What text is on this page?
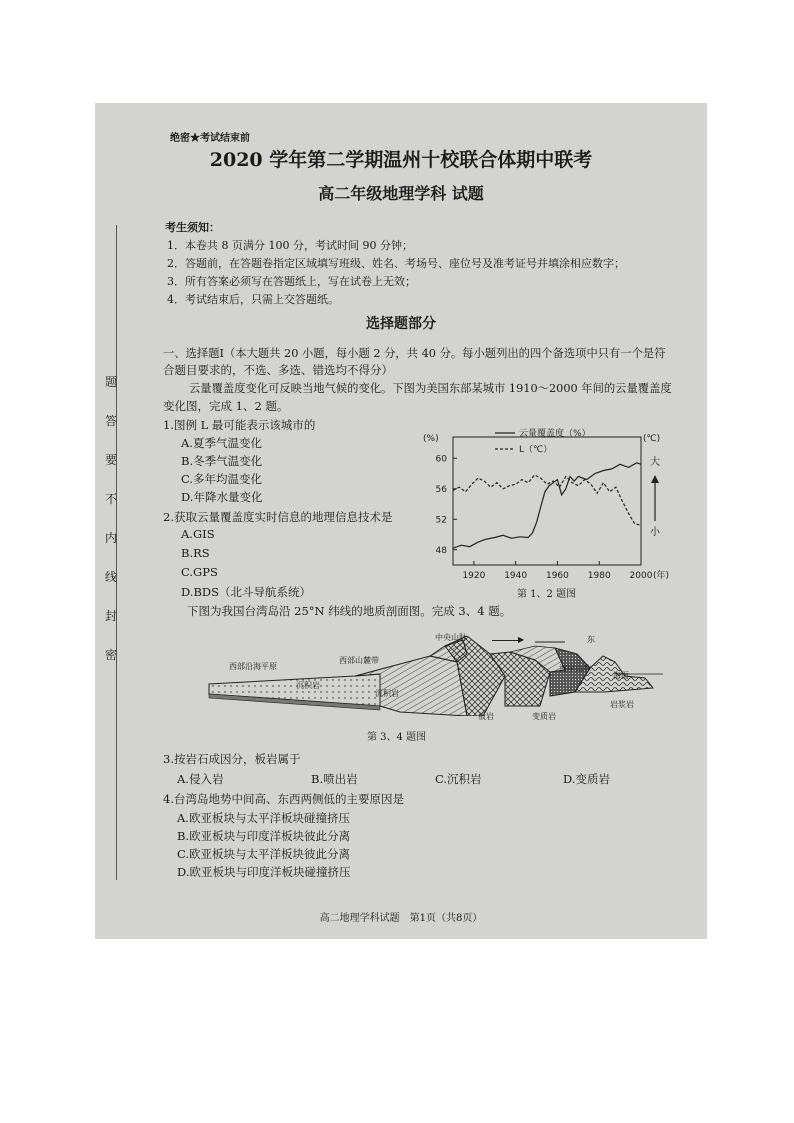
题
答
要
不
内
线
封
密
绝密★考试结束前
2020 学年第二学期温州十校联合体期中联考
高二年级地理学科 试题
考生须知：
1．本卷共 8 页满分 100 分，考试时间 90 分钟；
2．答题前，在答题卷指定区域填写班级、姓名、考场号、座位号及准考证号并填涂相应数字；
3．所有答案必须写在答题纸上，写在试卷上无效；
4．考试结束后，只需上交答题纸。
选择题部分
一、选择题Ⅰ（本大题共 20 小题，每小题 2 分，共 40 分。每小题列出的四个备选项中只有一个是符
合题目要求的，不选、多选、错选均不得分）
云量覆盖度变化可反映当地气候的变化。下图为美国东部某城市 1910～2000 年间的云量覆盖度
变化图，完成 1、2 题。
1.图例 L 最可能表示该城市的
A.夏季气温变化
B.冬季气温变化
C.多年均温变化
D.年降水量变化
2.获取云量覆盖度实时信息的地理信息技术是
A.GIS
B.RS
C.GPS
D.BDS（北斗导航系统）
60
56
52
48
1920 1940 1960 1980 2000
(%)	(℃)
(年)
大
小
云量覆盖度（%）
L（℃）
第 1、2 题图
下图为我国台湾岛沿 25°N 纬线的地质剖面图。完成 3、4 题。
▶	东
中央山脉
西部沿海平原
西部山麓带
沉积岩
沉积岩
板岩	变质岩
海岸山脉
海面
岩浆岩
第 3、4 题图
3.按岩石成因分，板岩属于
A.侵入岩	B.喷出岩	C.沉积岩	D.变质岩
4.台湾岛地势中间高、东西两侧低的主要原因是
A.欧亚板块与太平洋板块碰撞挤压
B.欧亚板块与印度洋板块彼此分离
C.欧亚板块与太平洋板块彼此分离
D.欧亚板块与印度洋板块碰撞挤压
高二地理学科试题　第1页（共8页）
